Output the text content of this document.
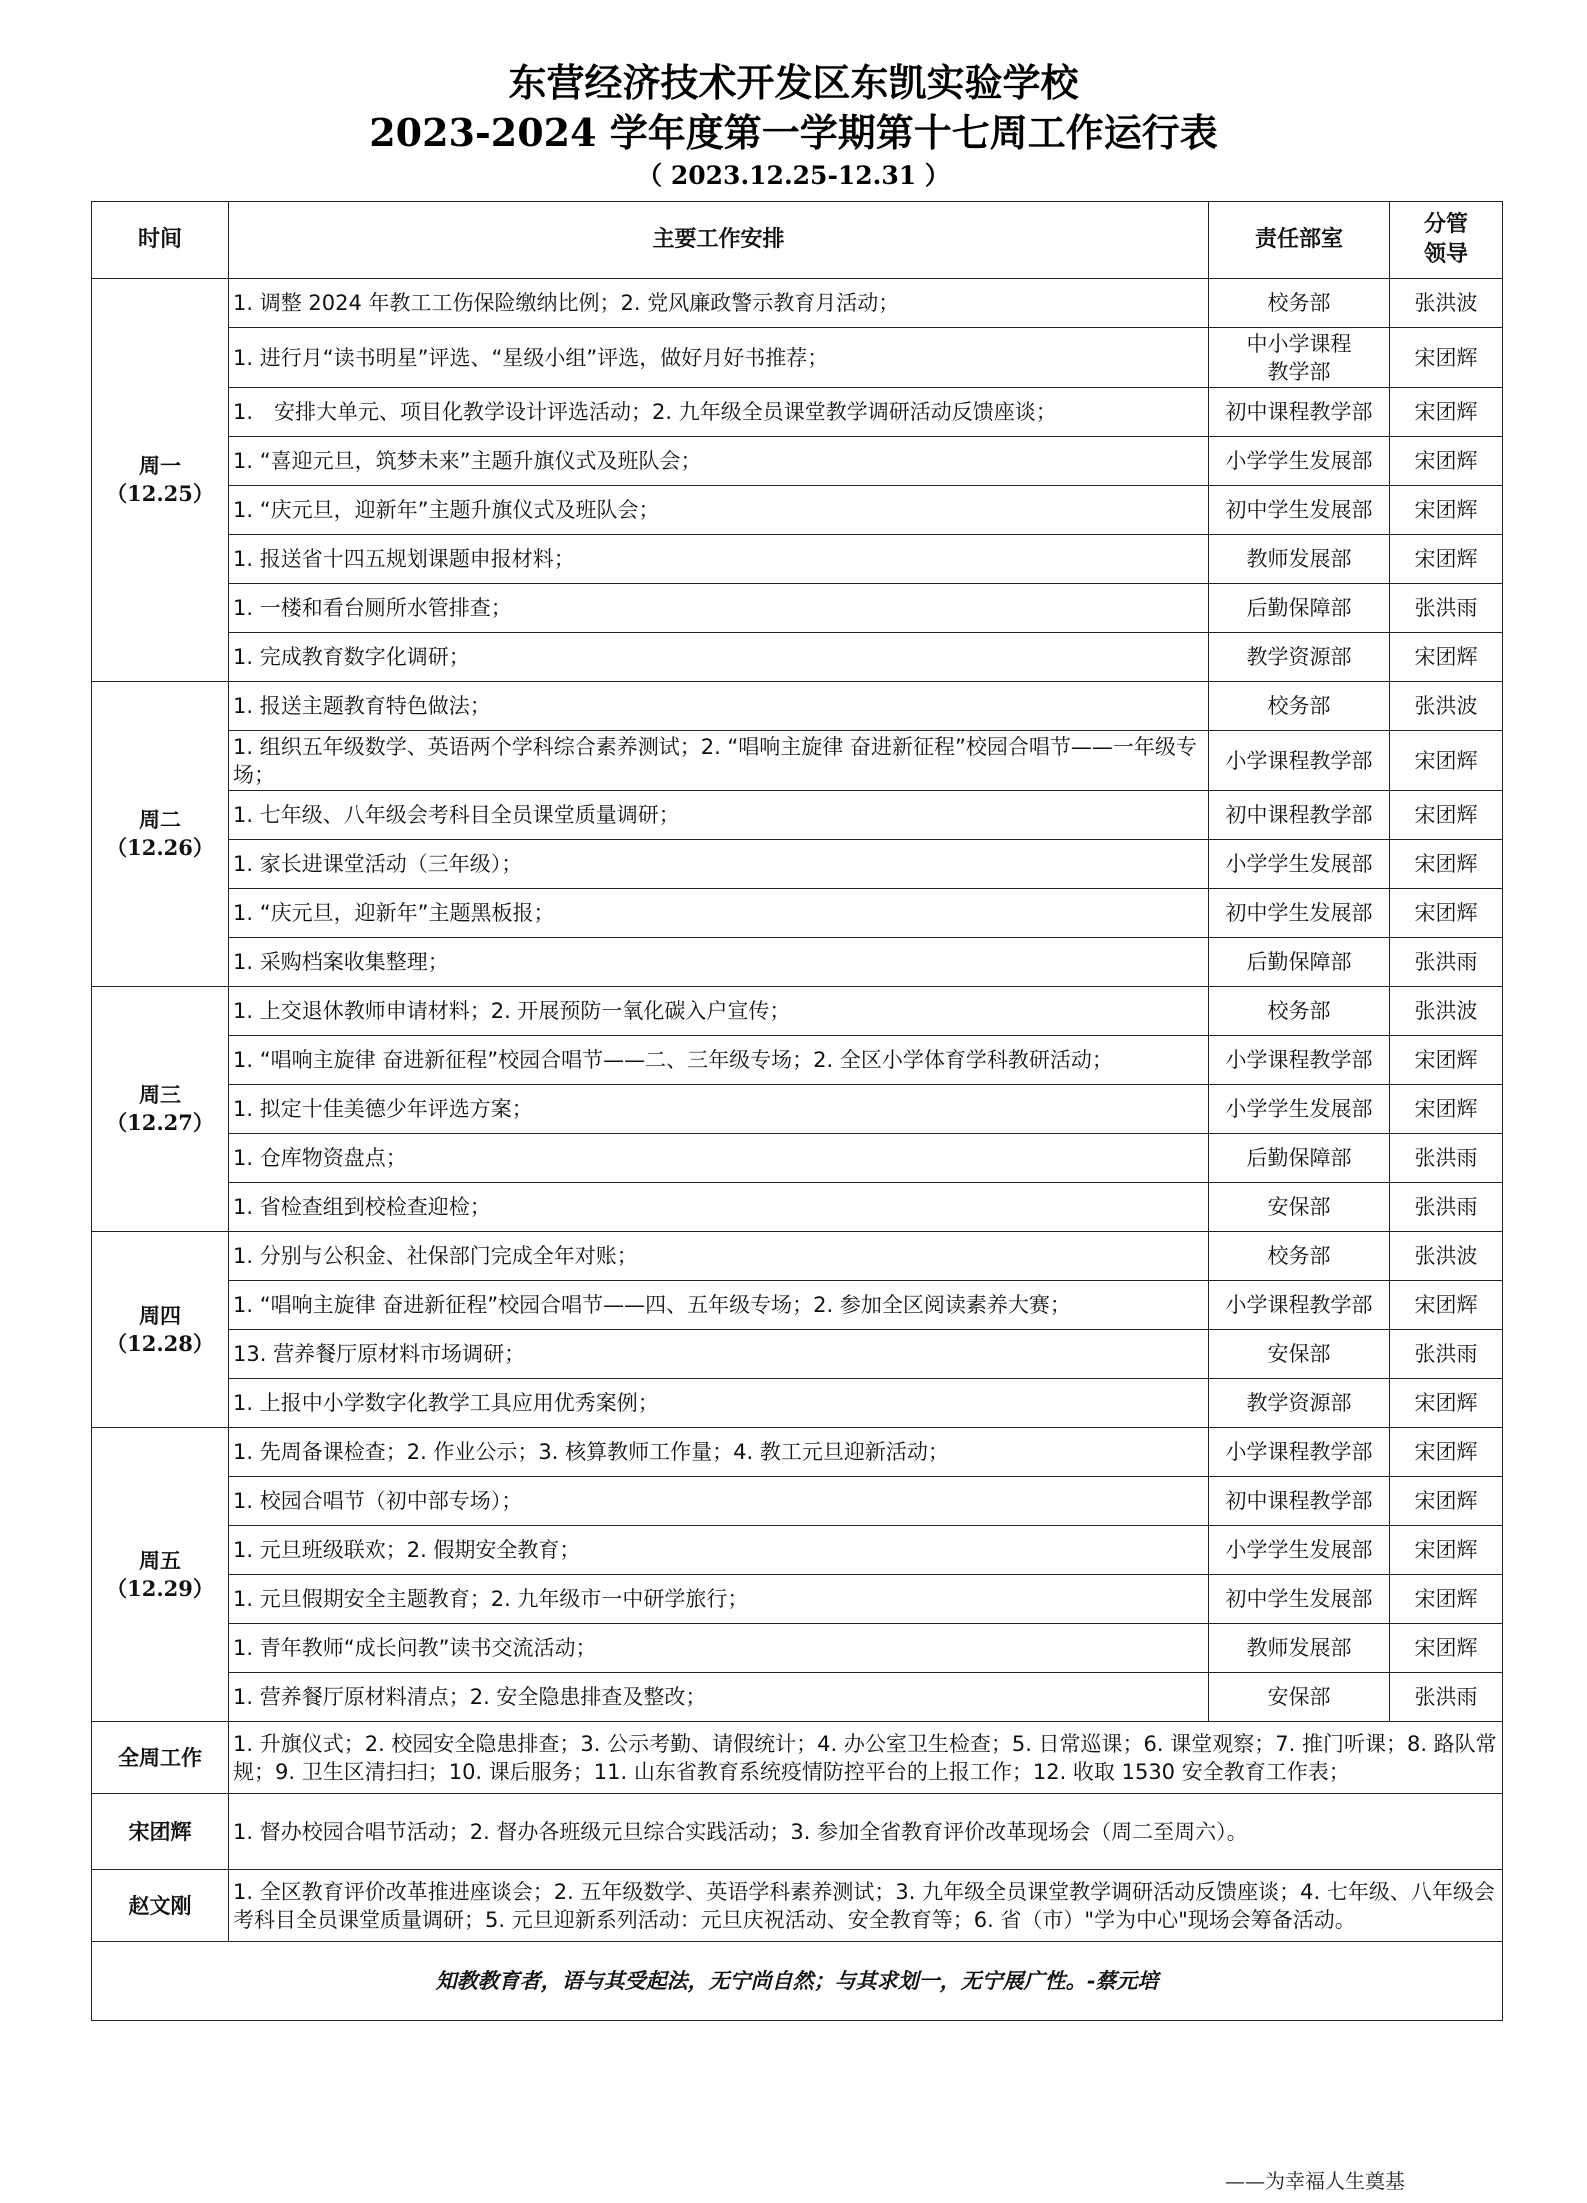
东营经济技术开发区东凯实验学校
2023-2024 学年度第一学期第十七周工作运行表
（ 2023.12.25-12.31 ）
时间	主要工作安排	责任部室	分管
领导

周一
（12.25）	1. 调整 2024 年教工工伤保险缴纳比例；2. 党风廉政警示教育月活动；	校务部	张洪波
	1. 进行月“读书明星”评选、“星级小组”评选，做好月好书推荐；	中小学课程
教学部	宋团辉
	1.　安排大单元、项目化教学设计评选活动；2. 九年级全员课堂教学调研活动反馈座谈；	初中课程教学部	宋团辉
	1. “喜迎元旦，筑梦未来”主题升旗仪式及班队会；	小学学生发展部	宋团辉
	1. “庆元旦，迎新年”主题升旗仪式及班队会；	初中学生发展部	宋团辉
	1. 报送省十四五规划课题申报材料；	教师发展部	宋团辉
	1. 一楼和看台厕所水管排查；	后勤保障部	张洪雨
	1. 完成教育数字化调研；	教学资源部	宋团辉

周二
（12.26）	1. 报送主题教育特色做法；	校务部	张洪波
	1. 组织五年级数学、英语两个学科综合素养测试；2. “唱响主旋律 奋进新征程”校园合唱节——一年级专场；	小学课程教学部	宋团辉
	1. 七年级、八年级会考科目全员课堂质量调研；	初中课程教学部	宋团辉
	1. 家长进课堂活动（三年级）；	小学学生发展部	宋团辉
	1. “庆元旦，迎新年”主题黑板报；	初中学生发展部	宋团辉
	1. 采购档案收集整理；	后勤保障部	张洪雨

周三
（12.27）	1. 上交退休教师申请材料；2. 开展预防一氧化碳入户宣传；	校务部	张洪波
	1. “唱响主旋律 奋进新征程”校园合唱节——二、三年级专场；2. 全区小学体育学科教研活动；	小学课程教学部	宋团辉
	1. 拟定十佳美德少年评选方案；	小学学生发展部	宋团辉
	1. 仓库物资盘点；	后勤保障部	张洪雨
	1. 省检查组到校检查迎检；	安保部	张洪雨

周四
（12.28）	1. 分别与公积金、社保部门完成全年对账；	校务部	张洪波
	1. “唱响主旋律 奋进新征程”校园合唱节——四、五年级专场；2. 参加全区阅读素养大赛；	小学课程教学部	宋团辉
	13. 营养餐厅原材料市场调研；	安保部	张洪雨
	1. 上报中小学数字化教学工具应用优秀案例；	教学资源部	宋团辉

周五
（12.29）	1. 先周备课检查；2. 作业公示；3. 核算教师工作量；4. 教工元旦迎新活动；	小学课程教学部	宋团辉
	1. 校园合唱节（初中部专场）；	初中课程教学部	宋团辉
	1. 元旦班级联欢；2. 假期安全教育；	小学学生发展部	宋团辉
	1. 元旦假期安全主题教育；2. 九年级市一中研学旅行；	初中学生发展部	宋团辉
	1. 青年教师“成长问教”读书交流活动；	教师发展部	宋团辉
	1. 营养餐厅原材料清点；2. 安全隐患排查及整改；	安保部	张洪雨
全周工作	1. 升旗仪式；2. 校园安全隐患排查；3. 公示考勤、请假统计；4. 办公室卫生检查；5. 日常巡课；6. 课堂观察；7. 推门听课；8. 路队常规；9. 卫生区清扫扫；10. 课后服务；11. 山东省教育系统疫情防控平台的上报工作；12. 收取 1530 安全教育工作表；		
宋团辉	1. 督办校园合唱节活动；2. 督办各班级元旦综合实践活动；3. 参加全省教育评价改革现场会（周二至周六）。		
赵文刚	1. 全区教育评价改革推进座谈会；2. 五年级数学、英语学科素养测试；3. 九年级全员课堂教学调研活动反馈座谈；4. 七年级、八年级会考科目全员课堂质量调研；5. 元旦迎新系列活动：元旦庆祝活动、安全教育等；6. 省（市）"学为中心"现场会筹备活动。		
知教教育者，语与其受起法，无宁尚自然；与其求划一，无宁展广性。-蔡元培			
——为幸福人生奠基
